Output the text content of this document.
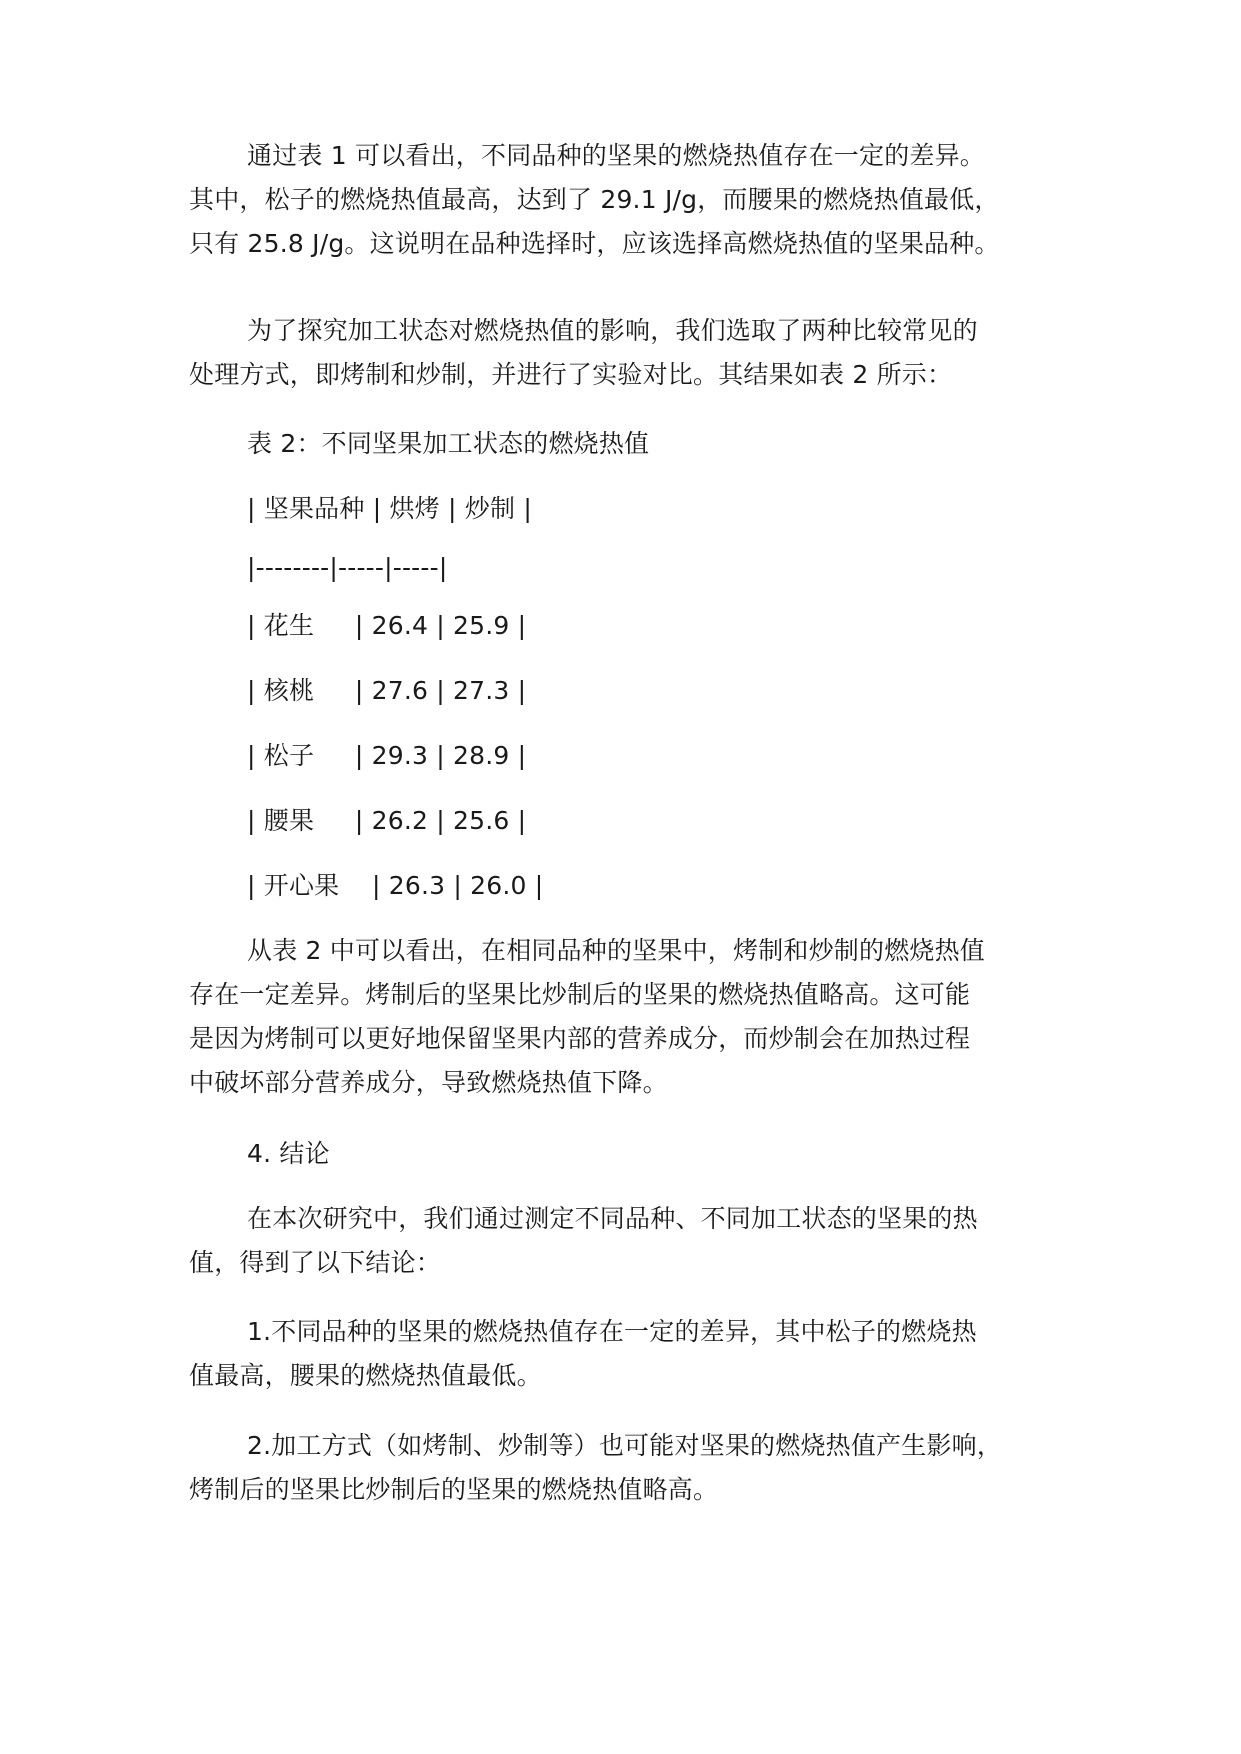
通过表 1 可以看出，不同品种的坚果的燃烧热值存在一定的差异。
其中，松子的燃烧热值最高，达到了 29.1 J/g，而腰果的燃烧热值最低，
只有 25.8 J/g。这说明在品种选择时，应该选择高燃烧热值的坚果品种。
为了探究加工状态对燃烧热值的影响，我们选取了两种比较常见的
处理方式，即烤制和炒制，并进行了实验对比。其结果如表 2 所示：
表 2：不同坚果加工状态的燃烧热值
| 坚果品种 | 烘烤 | 炒制 |
|--------|-----|-----|
| 花生     | 26.4 | 25.9 |
| 核桃     | 27.6 | 27.3 |
| 松子     | 29.3 | 28.9 |
| 腰果     | 26.2 | 25.6 |
| 开心果    | 26.3 | 26.0 |
从表 2 中可以看出，在相同品种的坚果中，烤制和炒制的燃烧热值
存在一定差异。烤制后的坚果比炒制后的坚果的燃烧热值略高。这可能
是因为烤制可以更好地保留坚果内部的营养成分，而炒制会在加热过程
中破坏部分营养成分，导致燃烧热值下降。
4. 结论
在本次研究中，我们通过测定不同品种、不同加工状态的坚果的热
值，得到了以下结论：
1.不同品种的坚果的燃烧热值存在一定的差异，其中松子的燃烧热
值最高，腰果的燃烧热值最低。
2.加工方式（如烤制、炒制等）也可能对坚果的燃烧热值产生影响，
烤制后的坚果比炒制后的坚果的燃烧热值略高。
